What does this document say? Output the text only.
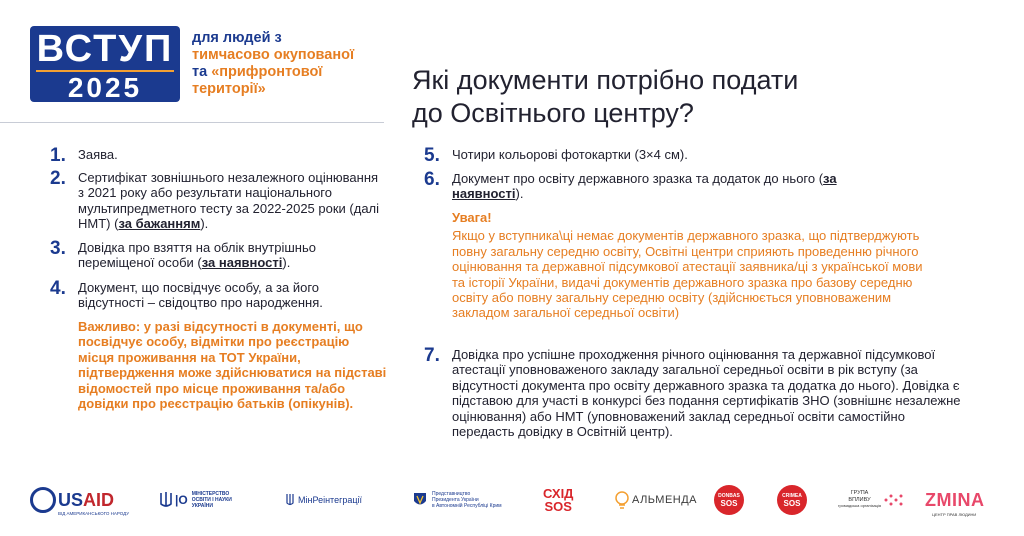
ВСТУП
2025
для людей з
тимчасово окупованої
та «прифронтової
території»	Які документи потрібно подати
до Освітнього центру?
1. Заява.
2. Сертифікат зовнішнього незалежного оцінювання з 2021 року або результати національного мультипредметного тесту за 2022-2025 роки (далі НМТ) (за бажанням).
3. Довідка про взяття на облік внутрішньо переміщеної особи (за наявності).
4. Документ, що посвідчує особу, а за його відсутності – свідоцтво про народження.
Важливо: у разі відсутності в документі, що посвідчує особу, відмітки про реєстрацію місця проживання на ТОТ України, підтвердження може здійснюватися на підставі відомостей про місце проживання та/або довідки про реєстрацію батьків (опікунів).
5. Чотири кольорові фотокартки (3×4 см).
6. Документ про освіту державного зразка та додаток до нього (за наявності).
Увага!
Якщо у вступника\ці немає документів державного зразка, що підтверджують повну загальну середню освіту, Освітні центри сприяють проведенню річного оцінювання та державної підсумкової атестації заявника/ці з української мови та історії України, видачі документів державного зразка про базову середню освіту або повну загальну середню освіту (здійснюється уповноваженим закладом загальної середньої освіти)
7. Довідка про успішне проходження річного оцінювання та державної підсумкової атестації уповноваженого закладу загальної середньої освіти в рік вступу (за відсутності документа про освіту державного зразка та додатка до нього). Довідка є підставою для участі в конкурсі без подання сертифікатів ЗНО (зовнішнє незалежне оцінювання) або НМТ (уповноважений заклад середньої освіти самостійно передасть довідку в Освітній центр).
USAID
ВІД АМЕРИКАНСЬКОГО НАРОДУ
|О МІНІСТЕРСТВО
ОСВІТИ І НАУКИ
УКРАЇНИ
МінРеінтеграції
Представництво
Президента України
в Автономній Республіці Крим
СХІД
SOS	АЛЬМЕНДА	DONBAS
SOS
CRIMEA
SOS
ГРУПА
ВПЛИВУ
громадська організація ZMINA
ЦЕНТР ПРАВ ЛЮДИНИ
